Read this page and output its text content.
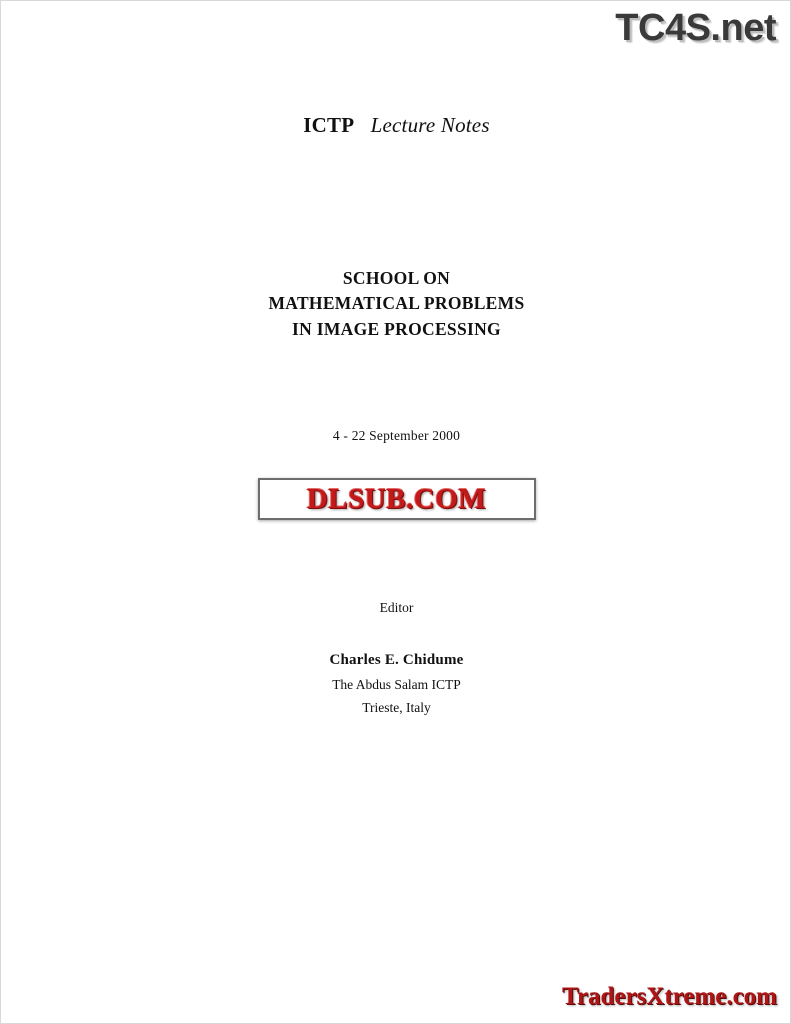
TC4S.net
ICTP Lecture Notes
SCHOOL ON
MATHEMATICAL PROBLEMS
IN IMAGE PROCESSING
4 - 22 September 2000
DLSUB.COM
Editor
Charles E. Chidume
The Abdus Salam ICTP
Trieste, Italy
TradersXtreme.com
